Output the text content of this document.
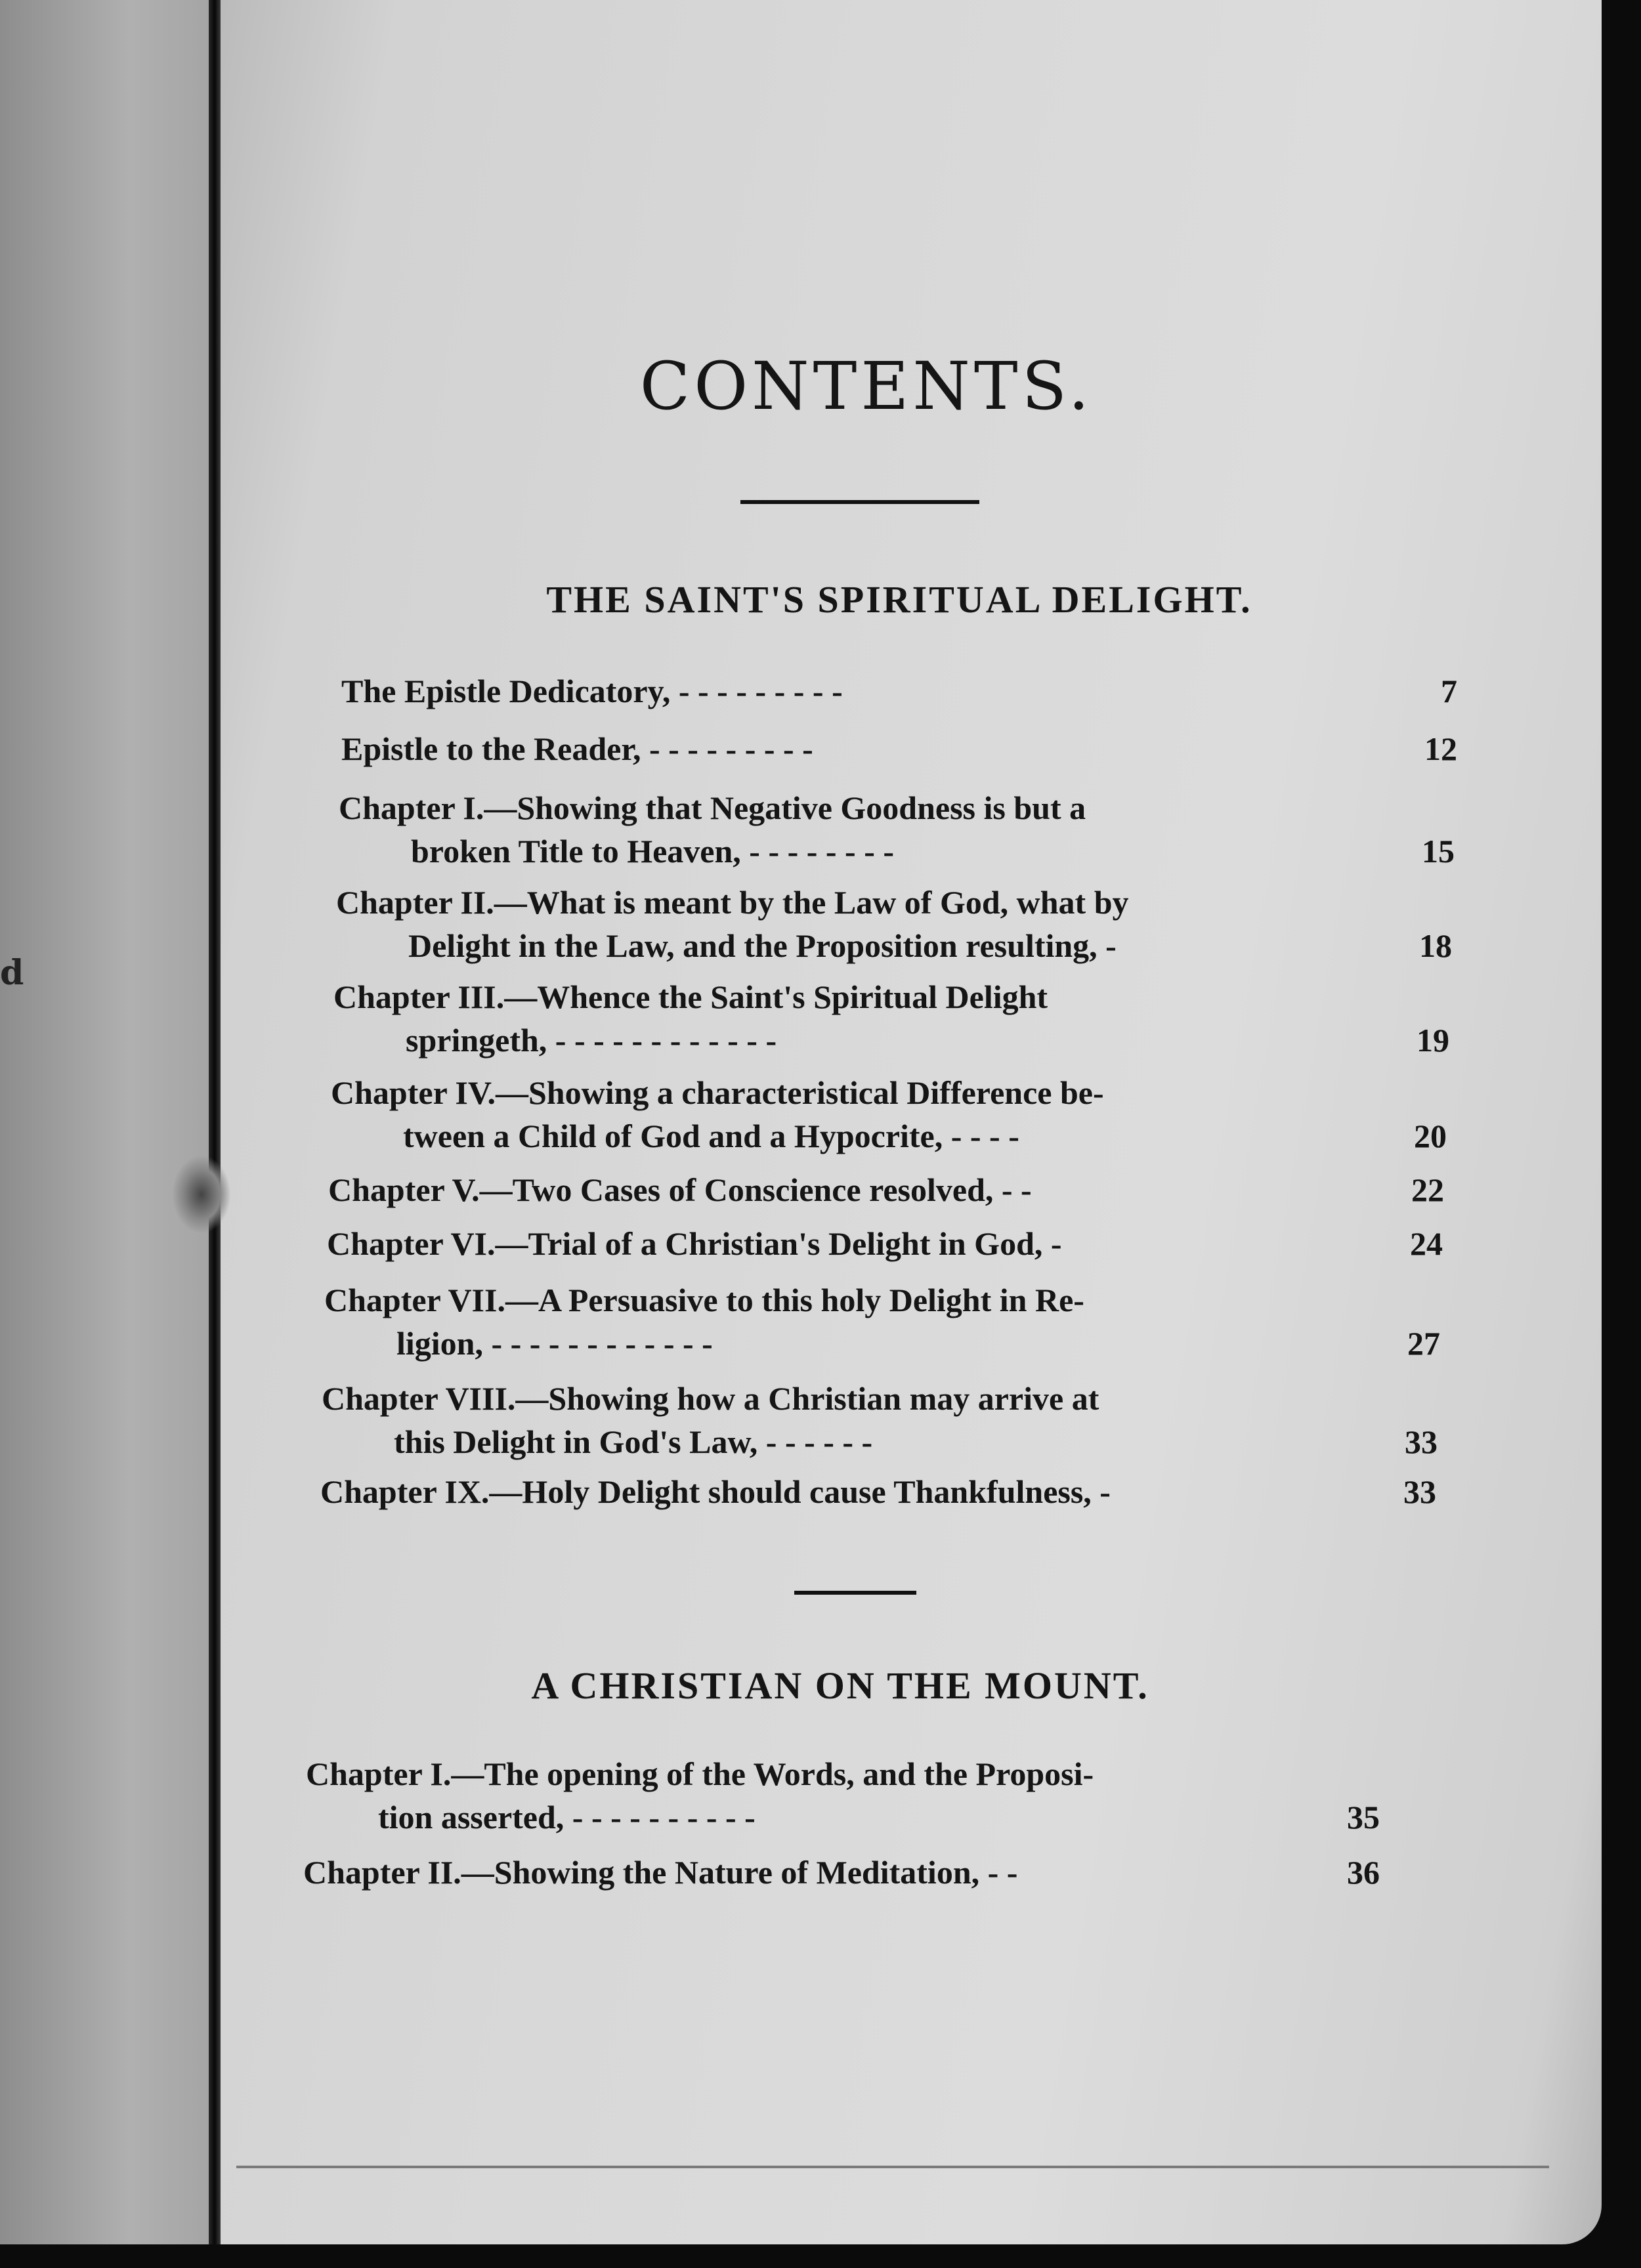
d
CONTENTS.
THE SAINT'S SPIRITUAL DELIGHT.
The Epistle Dedicatory, - - - - - - - - -	7
Epistle to the Reader, - - - - - - - - -	12
Chapter I.—Showing that Negative Goodness is but a
broken Title to Heaven, - - - - - - - -	15
Chapter II.—What is meant by the Law of God, what by
Delight in the Law, and the Proposition resulting, -	18
Chapter III.—Whence the Saint's Spiritual Delight
springeth, - - - - - - - - - - - -	19
Chapter IV.—Showing a characteristical Difference be-
tween a Child of God and a Hypocrite, - - - -	20
Chapter V.—Two Cases of Conscience resolved, - -	22
Chapter VI.—Trial of a Christian's Delight in God, -	24
Chapter VII.—A Persuasive to this holy Delight in Re-
ligion, - - - - - - - - - - - -	27
Chapter VIII.—Showing how a Christian may arrive at
this Delight in God's Law, - - - - - -	33
Chapter IX.—Holy Delight should cause Thankfulness, -	33
A CHRISTIAN ON THE MOUNT.
Chapter I.—The opening of the Words, and the Proposi-
tion asserted, - - - - - - - - - -	35
Chapter II.—Showing the Nature of Meditation, - -	36
